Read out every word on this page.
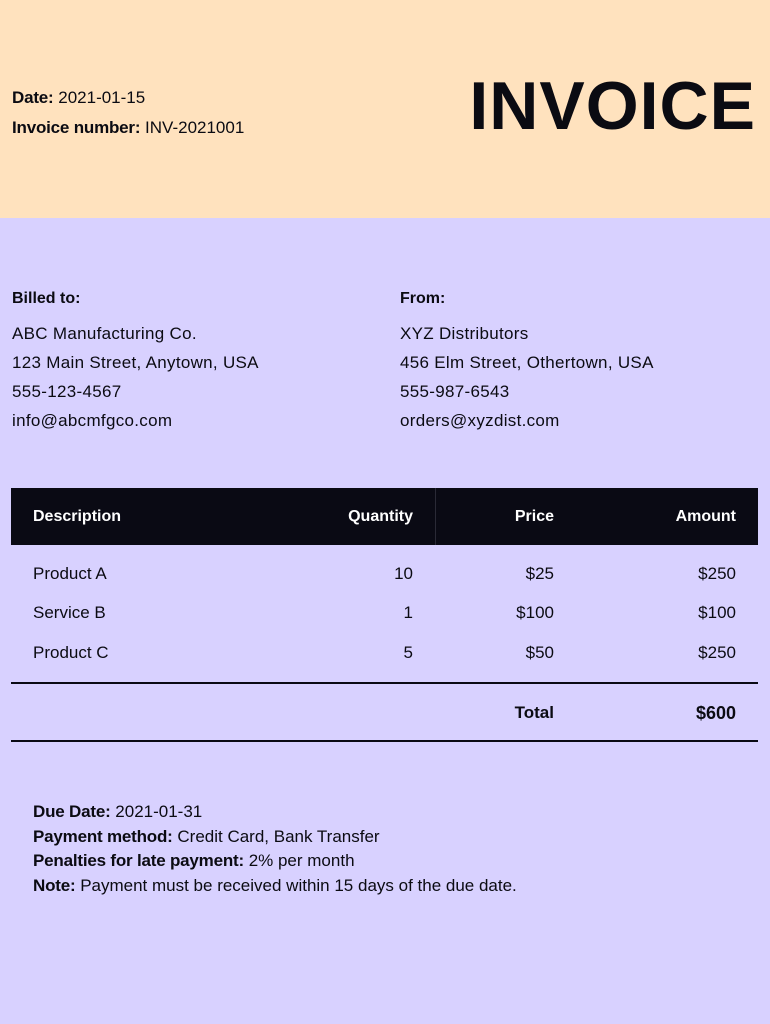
Date: 2021-01-15
Invoice number: INV-2021001	INVOICE
Billed to:
ABC Manufacturing Co.
123 Main Street, Anytown, USA
555-123-4567
info@abcmfgco.com
From:
XYZ Distributors
456 Elm Street, Othertown, USA
555-987-6543
orders@xyzdist.com
Description	Quantity	Price	Amount
Product A	10	$25	$250
Service B	1	$100	$100
Product C	5	$50	$250
Total	$600
Due Date: 2021-01-31
Payment method: Credit Card, Bank Transfer
Penalties for late payment: 2% per month
Note: Payment must be received within 15 days of the due date.
